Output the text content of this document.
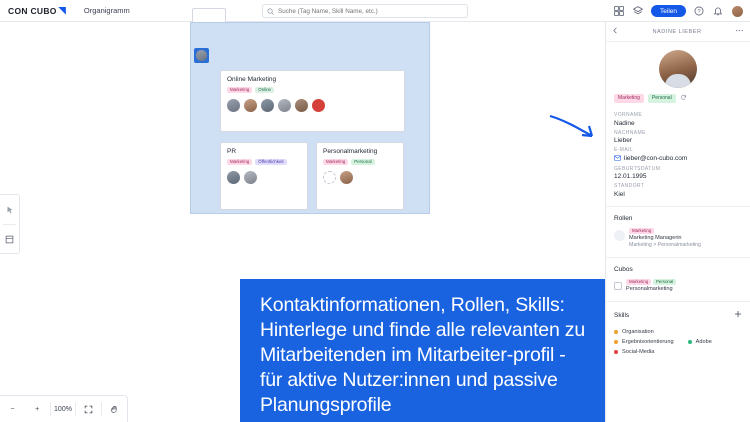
CON CUBO ◥ Organigramm
Suche (Tag Name, Skill Name, etc.)	Teilen	?
Online Marketing
Marketing	Online
PR
Marketing	Öffentlichkeit
Personalmarketing
Marketing	Personal
−	+	100%
Kontaktinformationen, Rollen, Skills: Hinterlege und finde alle relevanten zu Mitarbeitenden im Mitarbeiter-profil - für aktive Nutzer:innen und passive Planungsprofile
NADINE LIEBER
Marketing	Personal
VORNAME
Nadine
NACHNAME
Lieber
E-MAIL
lieber@con-cubo.com
GEBURTSDATUM
12.01.1995
STANDORT
Kiel
Rollen
Marketing
Marketing Managerin
Marketing > Personalmarketing
Cubos
Marketing Personal
Personalmarketing
Skills
Organisation
Ergebnisorientierung	Adobe
Social-Media
